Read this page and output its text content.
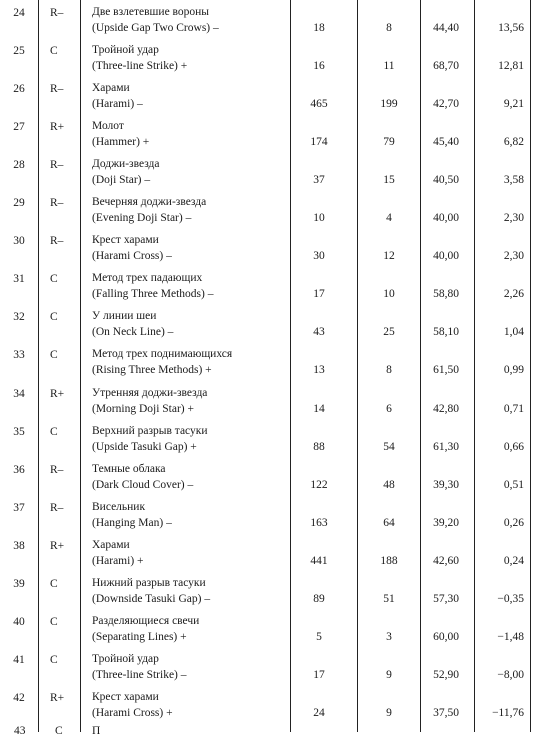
24	R– Две взлетевшие вороны
(Upside Gap Two Crows) –	18	8	44,40	13,56
25	C	Тройной удар
(Three-line Strike) +	16	11	68,70	12,81
26	R– Харами
(Harami) –	465	199	42,70	9,21
27	R+ Молот
(Hammer) +	174	79	45,40	6,82
28	R– Доджи-звезда
(Doji Star) –	37	15	40,50	3,58
29	R– Вечерняя доджи-звезда
(Evening Doji Star) –	10	4	40,00	2,30
30	R– Крест харами
(Harami Cross) –	30	12	40,00	2,30
31	C	Метод трех падающих
(Falling Three Methods) –	17	10	58,80	2,26
32	C	У линии шеи
(On Neck Line) –	43	25	58,10	1,04
33	C	Метод трех поднимающихся
(Rising Three Methods) +	13	8	61,50	0,99
34	R+ Утренняя доджи-звезда
(Morning Doji Star) +	14	6	42,80	0,71
35	C	Верхний разрыв тасуки
(Upside Tasuki Gap) +	88	54	61,30	0,66
36	R– Темные облака
(Dark Cloud Cover) –	122	48	39,30	0,51
37	R– Висельник
(Hanging Man) –	163	64	39,20	0,26
38	R+ Харами
(Harami) +	441	188	42,60	0,24
39	C	Нижний разрыв тасуки
(Downside Tasuki Gap) –	89	51	57,30	−0,35
40	C	Разделяющиеся свечи
(Separating Lines) +	5	3	60,00	−1,48
41	C	Тройной удар
(Three-line Strike) –	17	9	52,90	−8,00
42	R+ Крест харами
(Harami Cross) +	24	9	37,50	−11,76
43	C	П
